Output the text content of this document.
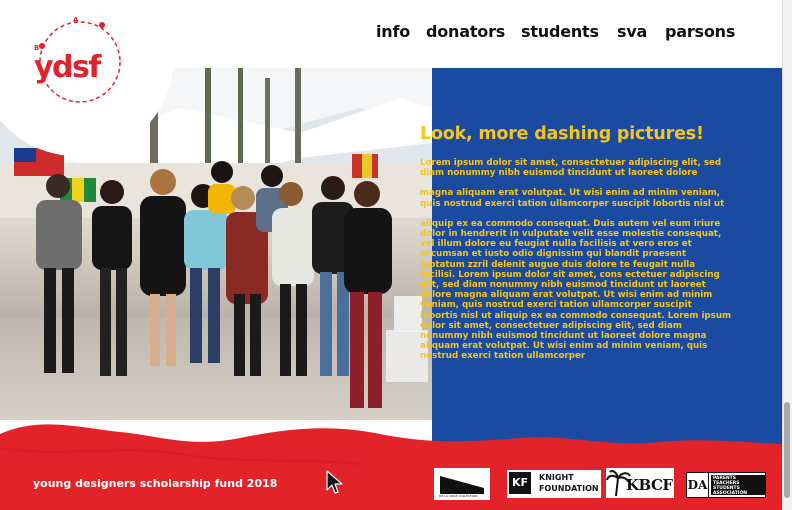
Look, more dashing pictures!

Lorem ipsum dolor sit amet, consectetuer adipiscing elit, sed diam nonummy nibh euismod tincidunt ut laoreet dolore

magna aliquam erat volutpat. Ut wisi enim ad minim veniam, quis nostrud exerci tation ullamcorper suscipit lobortis nisl ut

aliquip ex ea commodo consequat. Duis autem vel eum iriure dolor in hendrerit in vulputate velit esse molestie consequat, vel illum dolore eu feugiat nulla facilisis at vero eros et accumsan et iusto odio dignissim qui blandit praesent luptatum zzril delenit augue duis dolore te feugait nulla facilisi. Lorem ipsum dolor sit amet, cons ectetuer adipiscing elit, sed diam nonummy nibh euismod tincidunt ut laoreet dolore magna aliquam erat volutpat. Ut wisi enim ad minim veniam, quis nostrud exerci tation ullamcorper suscipit lobortis nisl ut aliquip ex ea commodo consequat. Lorem ipsum dolor sit amet, consectetuer adipiscing elit, sed diam nonummy nibh euismod tincidunt ut laoreet dolore magna aliquam erat volutpat. Ut wisi enim ad minim veniam, quis nostrud exerci tation ullamcorper

A
B
ydsf
info donators students sva parsons
young designers scholarship fund 2018
DE LA CRUZ COLLECTION
KF	KNIGHT
FOUNDATION KBCF DA	PARENTS TEACHERS STUDENTS ASSOCIATION
